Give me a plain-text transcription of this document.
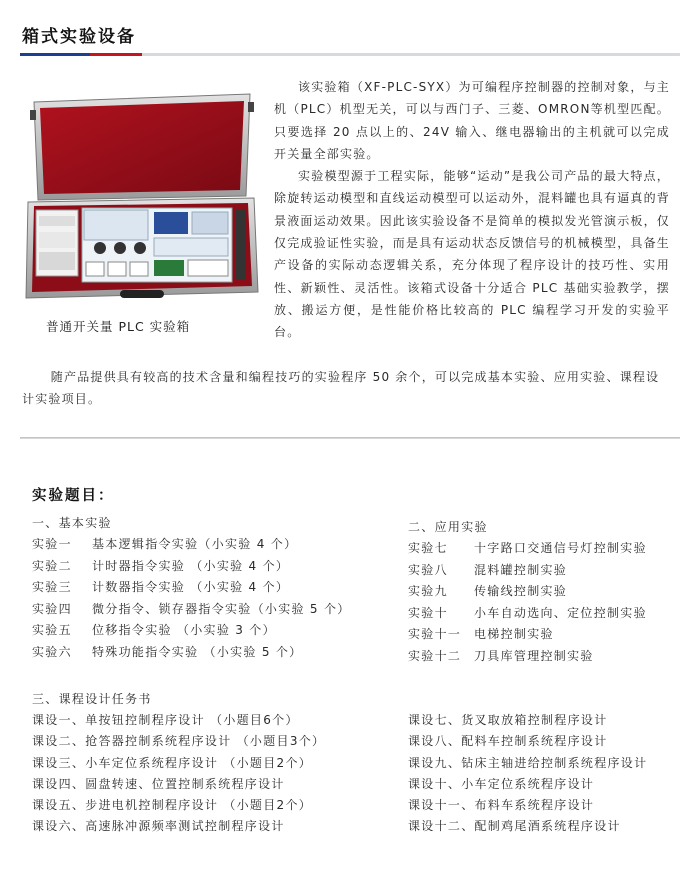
箱式实验设备
普通开关量 PLC 实验箱

该实验箱（XF-PLC-SYX）为可编程序控制器的控制对象，与主机（PLC）机型无关，可以与西门子、三菱、OMRON等机型匹配。只要选择 20 点以上的、24V 输入、继电器输出的主机就可以完成开关量全部实验。

实验模型源于工程实际，能够“运动”是我公司产品的最大特点，除旋转运动模型和直线运动模型可以运动外，混料罐也具有逼真的背景液面运动效果。因此该实验设备不是简单的模拟发光管演示板，仅仅完成验证性实验，而是具有运动状态反馈信号的机械模型，具备生产设备的实际动态逻辑关系，充分体现了程序设计的技巧性、实用性、新颖性、灵活性。该箱式设备十分适合 PLC 基础实验教学，摆放、搬运方便，是性能价格比较高的 PLC 编程学习开发的实验平台。

随产品提供具有较高的技术含量和编程技巧的实验程序 50 余个，可以完成基本实验、应用实验、课程设计实验项目。

实验题目：
一、基本实验
实验一 基本逻辑指令实验（小实验 4 个）
实验二 计时器指令实验 （小实验 4 个）
实验三 计数器指令实验 （小实验 4 个）
实验四 微分指令、锁存器指令实验（小实验 5 个）
实验五 位移指令实验 （小实验 3 个）
实验六 特殊功能指令实验 （小实验 5 个）
二、应用实验
实验七 十字路口交通信号灯控制实验
实验八 混料罐控制实验
实验九 传输线控制实验
实验十 小车自动选向、定位控制实验
实验十一 电梯控制实验
实验十二 刀具库管理控制实验
三、课程设计任务书
课设一、单按钮控制程序设计 （小题目6个）
课设二、抢答器控制系统程序设计 （小题目3个）
课设三、小车定位系统程序设计 （小题目2个）
课设四、圆盘转速、位置控制系统程序设计
课设五、步进电机控制程序设计 （小题目2个）
课设六、高速脉冲源频率测试控制程序设计
课设七、货叉取放箱控制程序设计
课设八、配料车控制系统程序设计
课设九、钻床主轴进给控制系统程序设计
课设十、小车定位系统程序设计
课设十一、布料车系统程序设计
课设十二、配制鸡尾酒系统程序设计
